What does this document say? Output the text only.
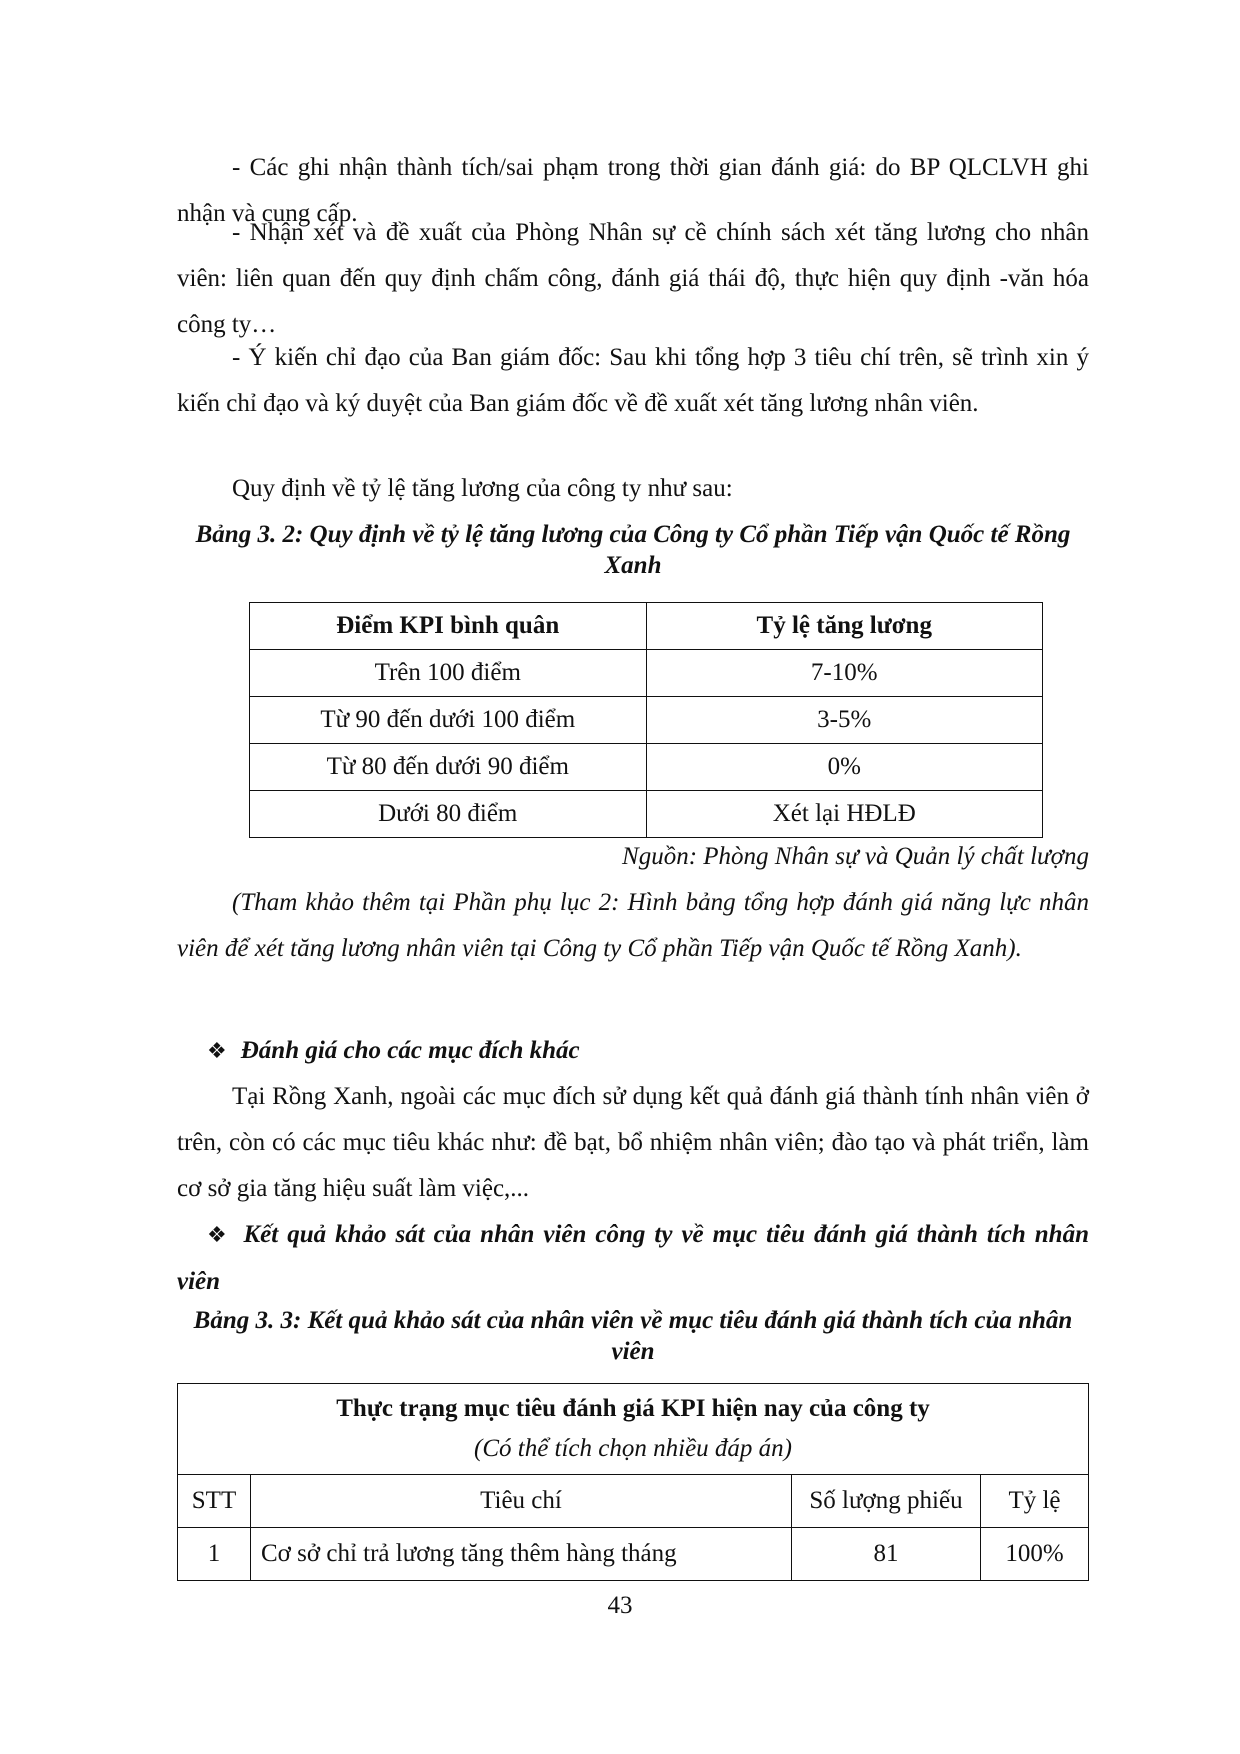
- Các ghi nhận thành tích/sai phạm trong thời gian đánh giá: do BP QLCLVH ghi nhận và cung cấp.

- Nhận xét và đề xuất của Phòng Nhân sự cề chính sách xét tăng lương cho nhân viên: liên quan đến quy định chấm công, đánh giá thái độ, thực hiện quy định -văn hóa công ty…

- Ý kiến chỉ đạo của Ban giám đốc: Sau khi tổng hợp 3 tiêu chí trên, sẽ trình xin ý kiến chỉ đạo và ký duyệt của Ban giám đốc về đề xuất xét tăng lương nhân viên.

Quy định về tỷ lệ tăng lương của công ty như sau:

Bảng 3. 2: Quy định về tỷ lệ tăng lương của Công ty Cổ phần Tiếp vận Quốc tế Rồng Xanh

Điểm KPI bình quân	Tỷ lệ tăng lương
Trên 100 điểm	7-10%
Từ 90 đến dưới 100 điểm	3-5%
Từ 80 đến dưới 90 điểm	0%
Dưới 80 điểm	Xét lại HĐLĐ

Nguồn: Phòng Nhân sự và Quản lý chất lượng

(Tham khảo thêm tại Phần phụ lục 2: Hình bảng tổng hợp đánh giá năng lực nhân viên để xét tăng lương nhân viên tại Công ty Cổ phần Tiếp vận Quốc tế Rồng Xanh).

❖ Đánh giá cho các mục đích khác

Tại Rồng Xanh, ngoài các mục đích sử dụng kết quả đánh giá thành tính nhân viên ở trên, còn có các mục tiêu khác như: đề bạt, bổ nhiệm nhân viên; đào tạo và phát triển, làm cơ sở gia tăng hiệu suất làm việc,...

❖ Kết quả khảo sát của nhân viên công ty về mục tiêu đánh giá thành tích nhân viên

Bảng 3. 3: Kết quả khảo sát của nhân viên về mục tiêu đánh giá thành tích của nhân viên

Thực trạng mục tiêu đánh giá KPI hiện nay của công ty
(Có thể tích chọn nhiều đáp án)			

STT	Tiêu chí	Số lượng phiếu	Tỷ lệ
1	Cơ sở chỉ trả lương tăng thêm hàng tháng	81	100%

43
